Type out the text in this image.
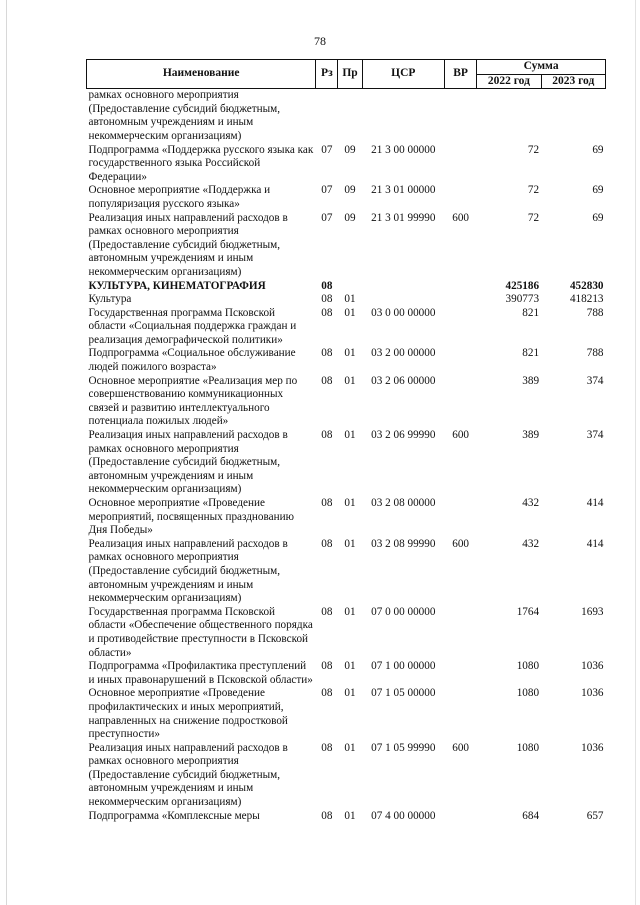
78
Наименование	Рз	Пр	ЦСР	ВР	Сумма	
					2022 год	2023 год
рамках основного мероприятия (Предоставление субсидий бюджетным, автономным учреждениям и иным некоммерческим организациям)						
Подпрограмма «Поддержка русского языка как государственного языка Российской Федерации»	07	09	21 3 00 00000		72	69
Основное мероприятие «Поддержка и популяризация русского языка»	07	09	21 3 01 00000		72	69
Реализация иных направлений расходов в рамках основного мероприятия (Предоставление субсидий бюджетным, автономным учреждениям и иным некоммерческим организациям)	07	09	21 3 01 99990	600	72	69
КУЛЬТУРА, КИНЕМАТОГРАФИЯ	08				425186	452830
Культура	08	01			390773	418213
Государственная программа Псковской области «Социальная поддержка граждан и реализация демографической политики»	08	01	03 0 00 00000		821	788
Подпрограмма «Социальное обслуживание людей пожилого возраста»	08	01	03 2 00 00000		821	788
Основное мероприятие «Реализация мер по совершенствованию коммуникационных связей и развитию интеллектуального потенциала пожилых людей»	08	01	03 2 06 00000		389	374
Реализация иных направлений расходов в рамках основного мероприятия (Предоставление субсидий бюджетным, автономным учреждениям и иным некоммерческим организациям)	08	01	03 2 06 99990	600	389	374
Основное мероприятие «Проведение мероприятий, посвященных празднованию Дня Победы»	08	01	03 2 08 00000		432	414
Реализация иных направлений расходов в рамках основного мероприятия (Предоставление субсидий бюджетным, автономным учреждениям и иным некоммерческим организациям)	08	01	03 2 08 99990	600	432	414
Государственная программа Псковской области «Обеспечение общественного порядка и противодействие преступности в Псковской области»	08	01	07 0 00 00000		1764	1693
Подпрограмма «Профилактика преступлений и иных правонарушений в Псковской области»	08	01	07 1 00 00000		1080	1036
Основное мероприятие «Проведение профилактических и иных мероприятий, направленных на снижение подростковой преступности»	08	01	07 1 05 00000		1080	1036
Реализация иных направлений расходов в рамках основного мероприятия (Предоставление субсидий бюджетным, автономным учреждениям и иным некоммерческим организациям)	08	01	07 1 05 99990	600	1080	1036
Подпрограмма «Комплексные меры	08	01	07 4 00 00000		684	657
